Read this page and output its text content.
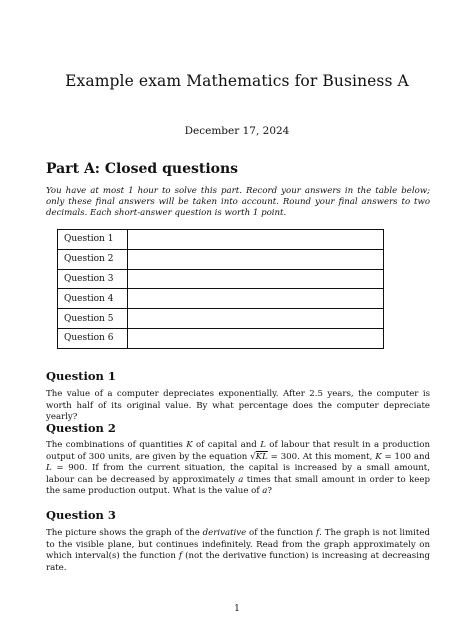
Example exam Mathematics for Business A
December 17, 2024
Part A: Closed questions
You have at most 1 hour to solve this part. Record your answers in the table below; only these final answers will be taken into account. Round your final answers to two decimals. Each short-answer question is worth 1 point.
Question 1	
Question 2	
Question 3	
Question 4	
Question 5	
Question 6	
Question 1
The value of a computer depreciates exponentially. After 2.5 years, the computer is worth half of its original value. By what percentage does the computer depreciate yearly?
Question 2
The combinations of quantities K of capital and L of labour that result in a production output of 300 units, are given by the equation √KL = 300. At this moment, K = 100 and L = 900. If from the current situation, the capital is increased by a small amount, labour can be decreased by approximately a times that small amount in order to keep the same production output. What is the value of a?
Question 3
The picture shows the graph of the derivative of the function f. The graph is not limited to the visible plane, but continues indefinitely. Read from the graph approximately on which interval(s) the function f (not the derivative function) is increasing at decreasing rate.
1
